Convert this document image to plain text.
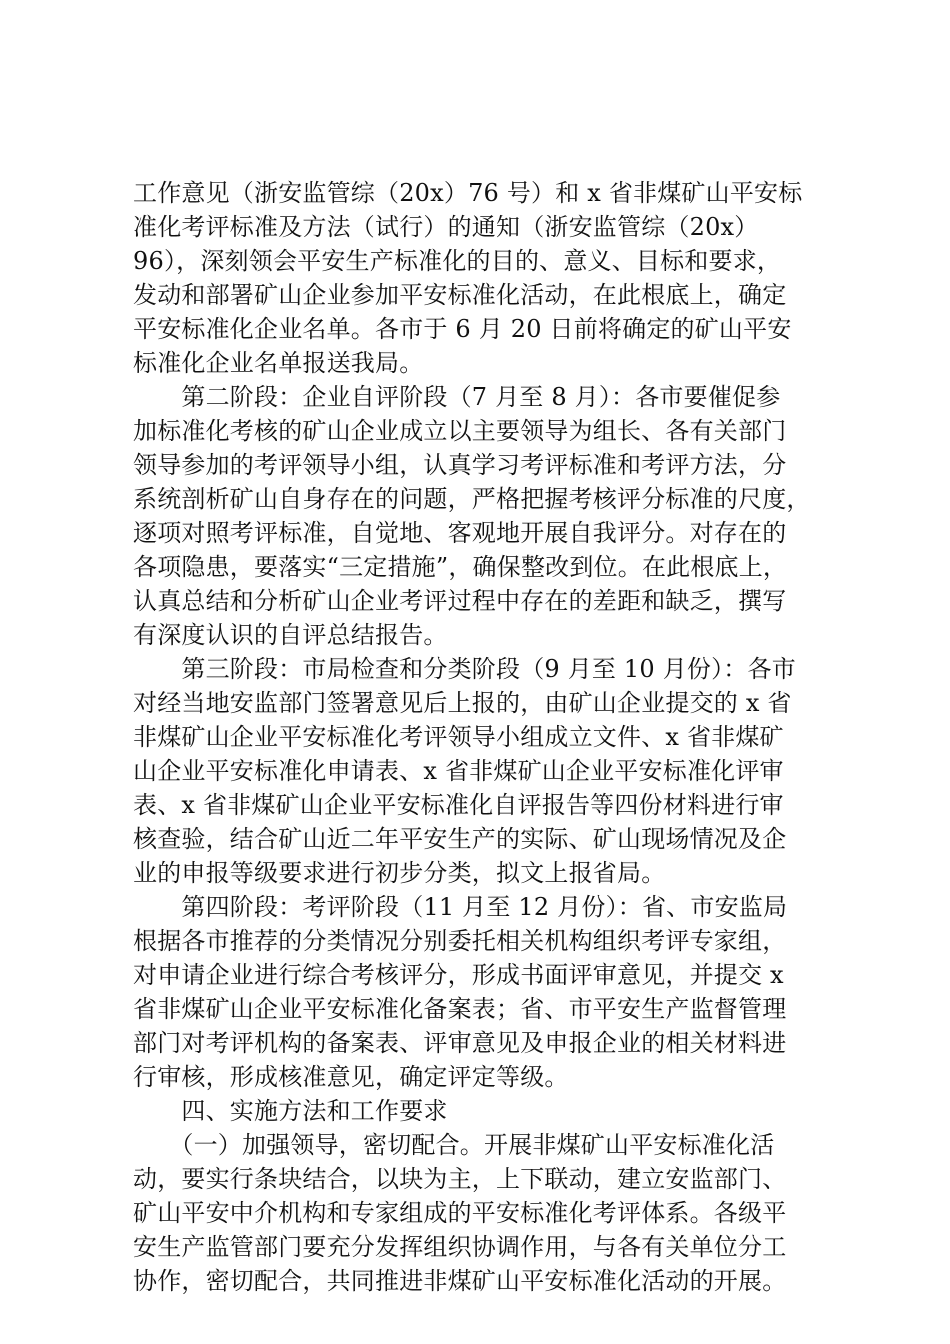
工作意见（浙安监管综（20x）76 号）和 x 省非煤矿山平安标
准化考评标准及方法（试行）的通知（浙安监管综（20x）
96），深刻领会平安生产标准化的目的、意义、目标和要求，
发动和部署矿山企业参加平安标准化活动，在此根底上，确定
平安标准化企业名单。各市于 6 月 20 日前将确定的矿山平安
标准化企业名单报送我局。
　　第二阶段：企业自评阶段（7 月至 8 月）：各市要催促参
加标准化考核的矿山企业成立以主要领导为组长、各有关部门
领导参加的考评领导小组，认真学习考评标准和考评方法，分
系统剖析矿山自身存在的问题，严格把握考核评分标准的尺度，
逐项对照考评标准，自觉地、客观地开展自我评分。对存在的
各项隐患，要落实“三定措施”，确保整改到位。在此根底上，
认真总结和分析矿山企业考评过程中存在的差距和缺乏，撰写
有深度认识的自评总结报告。
　　第三阶段：市局检查和分类阶段（9 月至 10 月份）：各市
对经当地安监部门签署意见后上报的，由矿山企业提交的 x 省
非煤矿山企业平安标准化考评领导小组成立文件、x 省非煤矿
山企业平安标准化申请表、x 省非煤矿山企业平安标准化评审
表、x 省非煤矿山企业平安标准化自评报告等四份材料进行审
核查验，结合矿山近二年平安生产的实际、矿山现场情况及企
业的申报等级要求进行初步分类，拟文上报省局。
　　第四阶段：考评阶段（11 月至 12 月份）：省、市安监局
根据各市推荐的分类情况分别委托相关机构组织考评专家组，
对申请企业进行综合考核评分，形成书面评审意见，并提交 x
省非煤矿山企业平安标准化备案表；省、市平安生产监督管理
部门对考评机构的备案表、评审意见及申报企业的相关材料进
行审核，形成核准意见，确定评定等级。
　　四、实施方法和工作要求
　　（一）加强领导，密切配合。开展非煤矿山平安标准化活
动，要实行条块结合，以块为主，上下联动，建立安监部门、
矿山平安中介机构和专家组成的平安标准化考评体系。各级平
安生产监管部门要充分发挥组织协调作用，与各有关单位分工
协作，密切配合，共同推进非煤矿山平安标准化活动的开展。
